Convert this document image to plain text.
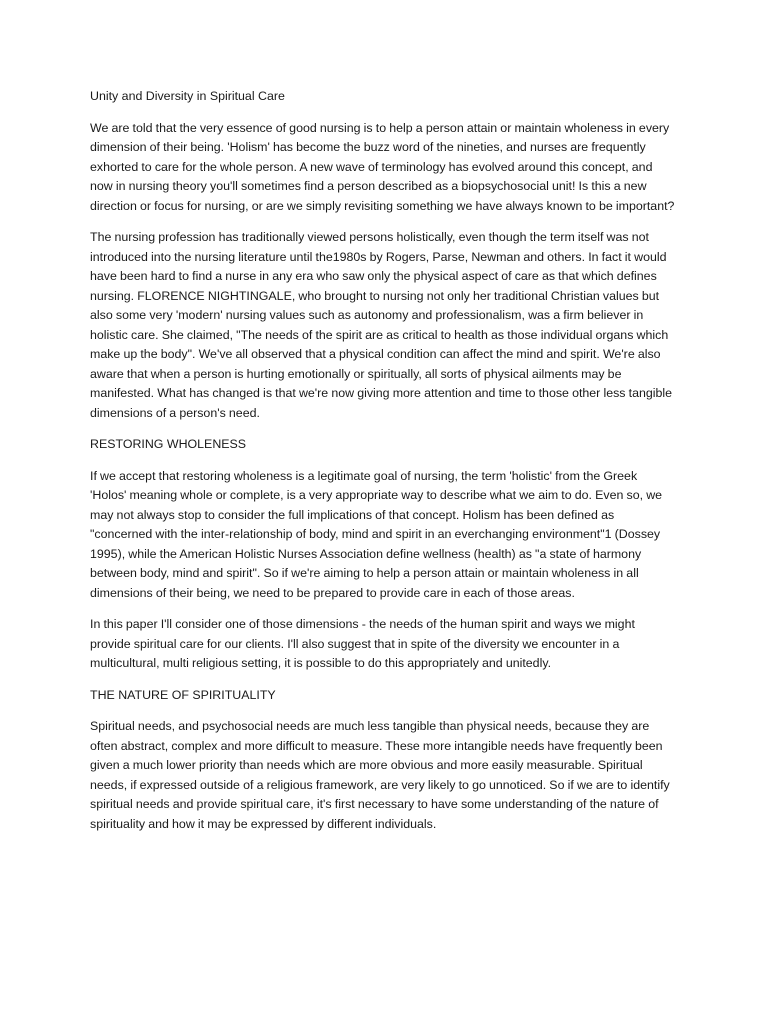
Unity and Diversity in Spiritual Care

We are told that the very essence of good nursing is to help a person attain or maintain wholeness in every dimension of their being. 'Holism' has become the buzz word of the nineties, and nurses are frequently exhorted to care for the whole person. A new wave of terminology has evolved around this concept, and now in nursing theory you'll sometimes find a person described as a biopsychosocial unit! Is this a new direction or focus for nursing, or are we simply revisiting something we have always known to be important?

The nursing profession has traditionally viewed persons holistically, even though the term itself was not introduced into the nursing literature until the1980s by Rogers, Parse, Newman and others. In fact it would have been hard to find a nurse in any era who saw only the physical aspect of care as that which defines nursing. FLORENCE NIGHTINGALE, who brought to nursing not only her traditional Christian values but also some very 'modern' nursing values such as autonomy and professionalism, was a firm believer in holistic care. She claimed, "The needs of the spirit are as critical to health as those individual organs which make up the body". We've all observed that a physical condition can affect the mind and spirit. We're also aware that when a person is hurting emotionally or spiritually, all sorts of physical ailments may be manifested. What has changed is that we're now giving more attention and time to those other less tangible dimensions of a person's need.

RESTORING WHOLENESS

If we accept that restoring wholeness is a legitimate goal of nursing, the term 'holistic' from the Greek 'Holos' meaning whole or complete, is a very appropriate way to describe what we aim to do. Even so, we may not always stop to consider the full implications of that concept. Holism has been defined as "concerned with the inter-relationship of body, mind and spirit in an everchanging environment"1 (Dossey 1995), while the American Holistic Nurses Association define wellness (health) as "a state of harmony between body, mind and spirit". So if we're aiming to help a person attain or maintain wholeness in all dimensions of their being, we need to be prepared to provide care in each of those areas.

In this paper I'll consider one of those dimensions - the needs of the human spirit and ways we might provide spiritual care for our clients. I'll also suggest that in spite of the diversity we encounter in a multicultural, multi religious setting, it is possible to do this appropriately and unitedly.

THE NATURE OF SPIRITUALITY

Spiritual needs, and psychosocial needs are much less tangible than physical needs, because they are often abstract, complex and more difficult to measure. These more intangible needs have frequently been given a much lower priority than needs which are more obvious and more easily measurable. Spiritual needs, if expressed outside of a religious framework, are very likely to go unnoticed. So if we are to identify spiritual needs and provide spiritual care, it's first necessary to have some understanding of the nature of spirituality and how it may be expressed by different individuals.
